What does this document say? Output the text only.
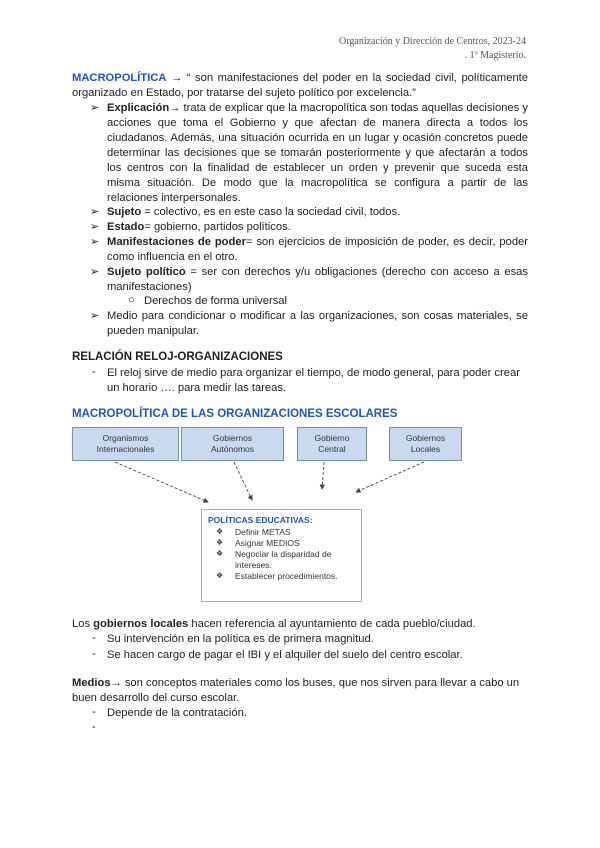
Organización y Dirección de Centros, 2023-24
. 1º Magisterio.

MACROPOLÍTICA → “ son manifestaciones del poder en la sociedad civil, políticamente organizado en Estado, por tratarse del sujeto político por excelencia.”

➢ Explicación→ trata de explicar que la macropolítica son todas aquellas decisiones y acciones que toma el Gobierno y que afectan de manera directa a todos los ciudadanos. Además, una situación ocurrida en un lugar y ocasión concretos puede determinar las decisiones que se tomarán posteriormente y que afectarán a todos los centros con la finalidad de establecer un orden y prevenir que suceda esta misma situación. De modo que la macropolítica se configura a partir de las relaciones interpersonales.

➢ Sujeto = colectivo, es en este caso la sociedad civil, todos.

➢ Estado= gobierno, partidos políticos.

➢ Manifestaciones de poder= son ejercicios de imposición de poder, es decir, poder como influencia en el otro.

➢ Sujeto político = ser con derechos y/u obligaciones (derecho con acceso a esas manifestaciones)

○ Derechos de forma universal

➢ Medio para condicionar o modificar a las organizaciones, son cosas materiales, se pueden manipular.

RELACIÓN RELOJ-ORGANIZACIONES
- El reloj sirve de medio para organizar el tiempo, de modo general, para poder crear un horario …. para medir las tareas.

MACROPOLÍTICA DE LAS ORGANIZACIONES ESCOLARES
Organismos
Internacionales
Gobiernos
Autónomos
Gobierno
Central
Gobiernos
Locales
POLÍTICAS EDUCATIVAS:
❖ Definir METAS
❖ Asignar MEDIOS
❖ Negociar la disparidad de intereses.
❖ Establecer procedimientos.

Los gobiernos locales hacen referencia al ayuntamiento de cada pueblo/ciudad.

- Su intervención en la política es de primera magnitud.

- Se hacen cargo de pagar el IBI y el alquiler del suelo del centro escolar.

Medios→ son conceptos materiales como los buses, que nos sirven para llevar a cabo un buen desarrollo del curso escolar.

- Depende de la contratación.

-
